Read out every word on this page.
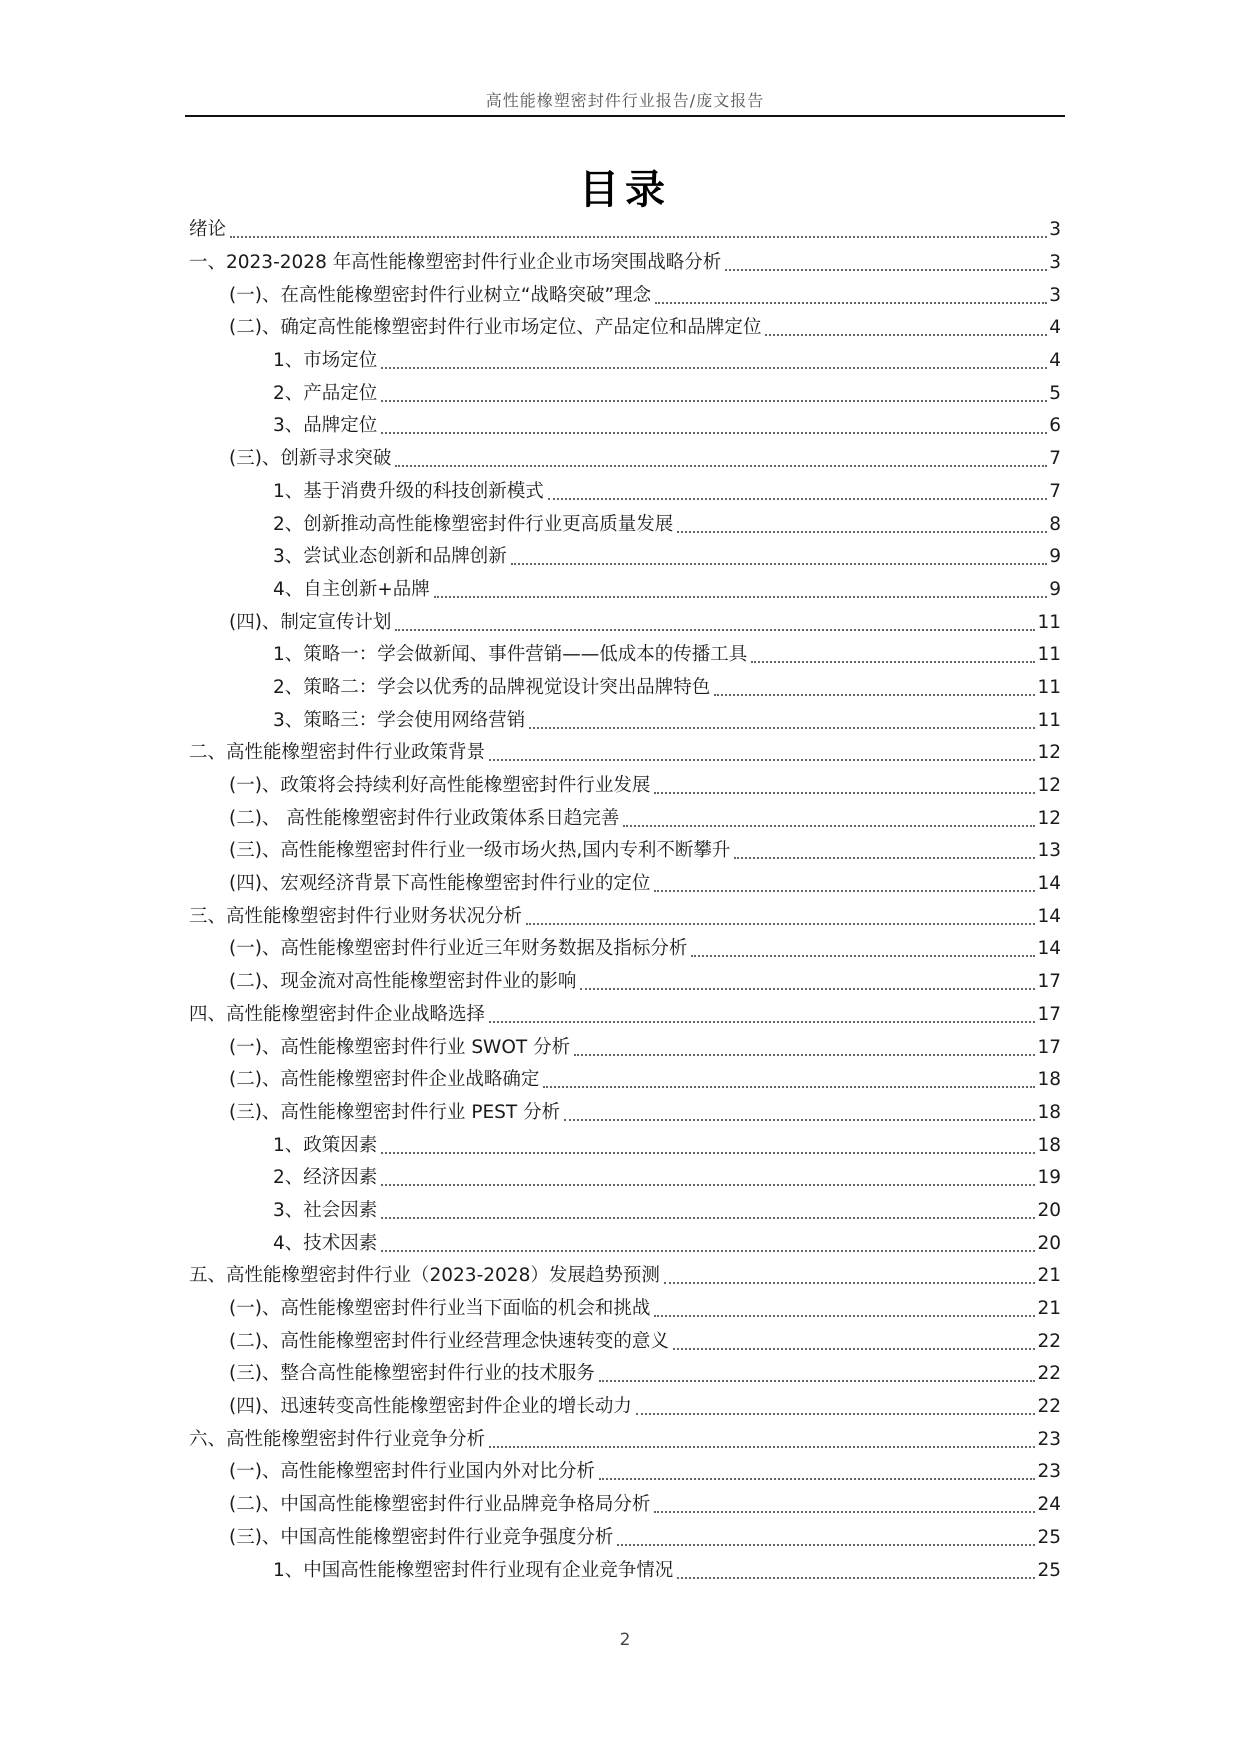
高性能橡塑密封件行业报告/庞文报告
目录
绪论	3
一、2023-2028 年高性能橡塑密封件行业企业市场突围战略分析	3
(一)、在高性能橡塑密封件行业树立“战略突破”理念	3
(二)、确定高性能橡塑密封件行业市场定位、产品定位和品牌定位	4
1、市场定位	4
2、产品定位	5
3、品牌定位	6
(三)、创新寻求突破	7
1、基于消费升级的科技创新模式	7
2、创新推动高性能橡塑密封件行业更高质量发展	8
3、尝试业态创新和品牌创新	9
4、自主创新+品牌	9
(四)、制定宣传计划	11
1、策略一：学会做新闻、事件营销——低成本的传播工具	11
2、策略二：学会以优秀的品牌视觉设计突出品牌特色	11
3、策略三：学会使用网络营销	11
二、高性能橡塑密封件行业政策背景	12
(一)、政策将会持续利好高性能橡塑密封件行业发展	12
(二)、 高性能橡塑密封件行业政策体系日趋完善	12
(三)、高性能橡塑密封件行业一级市场火热,国内专利不断攀升	13
(四)、宏观经济背景下高性能橡塑密封件行业的定位	14
三、高性能橡塑密封件行业财务状况分析	14
(一)、高性能橡塑密封件行业近三年财务数据及指标分析	14
(二)、现金流对高性能橡塑密封件业的影响	17
四、高性能橡塑密封件企业战略选择	17
(一)、高性能橡塑密封件行业 SWOT 分析	17
(二)、高性能橡塑密封件企业战略确定	18
(三)、高性能橡塑密封件行业 PEST 分析	18
1、政策因素	18
2、经济因素	19
3、社会因素	20
4、技术因素	20
五、高性能橡塑密封件行业（2023-2028）发展趋势预测	21
(一)、高性能橡塑密封件行业当下面临的机会和挑战	21
(二)、高性能橡塑密封件行业经营理念快速转变的意义	22
(三)、整合高性能橡塑密封件行业的技术服务	22
(四)、迅速转变高性能橡塑密封件企业的增长动力	22
六、高性能橡塑密封件行业竞争分析	23
(一)、高性能橡塑密封件行业国内外对比分析	23
(二)、中国高性能橡塑密封件行业品牌竞争格局分析	24
(三)、中国高性能橡塑密封件行业竞争强度分析	25
1、中国高性能橡塑密封件行业现有企业竞争情况	25
2
